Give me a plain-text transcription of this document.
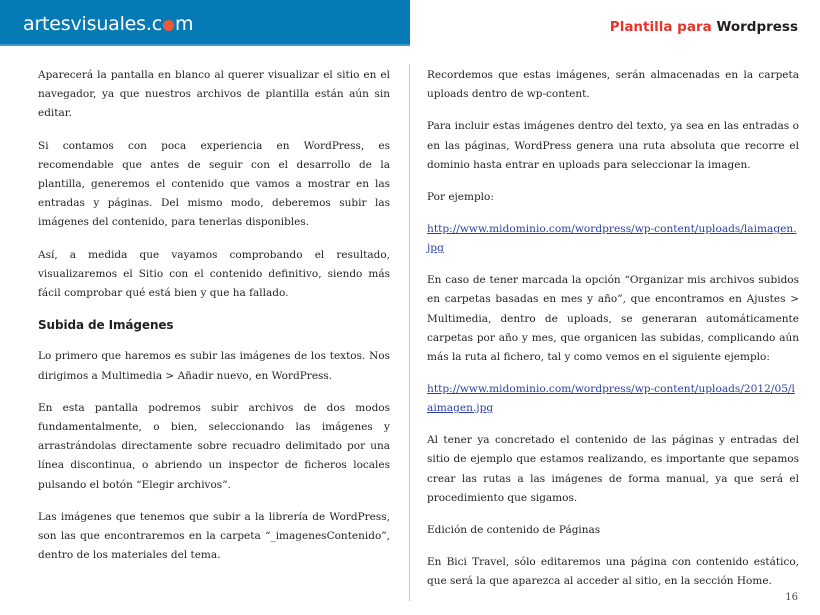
artesvisuales.c m	Plantilla para Wordpress

Aparecerá la pantalla en blanco al querer visualizar el sitio en el navegador, ya que nuestros archivos de plantilla están aún sin editar.

Si contamos con poca experiencia en WordPress, es recomendable que antes de seguir con el desarrollo de la plantilla, generemos el contenido que vamos a mostrar en las entradas y páginas. Del mismo modo, deberemos subir las imágenes del contenido, para tenerlas disponibles.

Así, a medida que vayamos comprobando el resultado, visualizaremos el Sitio con el contenido definitivo, siendo más fácil comprobar qué está bien y que ha fallado.

Subida de Imágenes

Lo primero que haremos es subir las imágenes de los textos. Nos dirigimos a Multimedia > Añadir nuevo, en WordPress.

En esta pantalla podremos subir archivos de dos modos fundamentalmente, o bien, seleccionando las imágenes y arrastrándolas directamente sobre recuadro delimitado por una línea discontinua, o abriendo un inspector de ficheros locales pulsando el botón “Elegir archivos”.

Las imágenes que tenemos que subir a la librería de WordPress, son las que encontraremos en la carpeta “_imagenesContenido”, dentro de los materiales del tema.

Recordemos que estas imágenes, serán almacenadas en la carpeta uploads dentro de wp-content.

Para incluir estas imágenes dentro del texto, ya sea en las entradas o en las páginas, WordPress genera una ruta absoluta que recorre el dominio hasta entrar en uploads para seleccionar la imagen.

Por ejemplo:

http://www.midominio.com/wordpress/wp-content/uploads/laimagen.jpg

En caso de tener marcada la opción “Organizar mis archivos subidos en carpetas basadas en mes y año”, que encontramos en Ajustes > Multimedia, dentro de uploads, se generaran automáticamente carpetas por año y mes, que organicen las subidas, complicando aún más la ruta al fichero, tal y como vemos en el siguiente ejemplo:

http://www.midominio.com/wordpress/wp-content/uploads/2012/05/laimagen.jpg

Al tener ya concretado el contenido de las páginas y entradas del sitio de ejemplo que estamos realizando, es importante que sepamos crear las rutas a las imágenes de forma manual, ya que será el procedimiento que sigamos.

Edición de contenido de Páginas

En Bici Travel, sólo editaremos una página con contenido estático, que será la que aparezca al acceder al sitio, en la sección Home.

16
